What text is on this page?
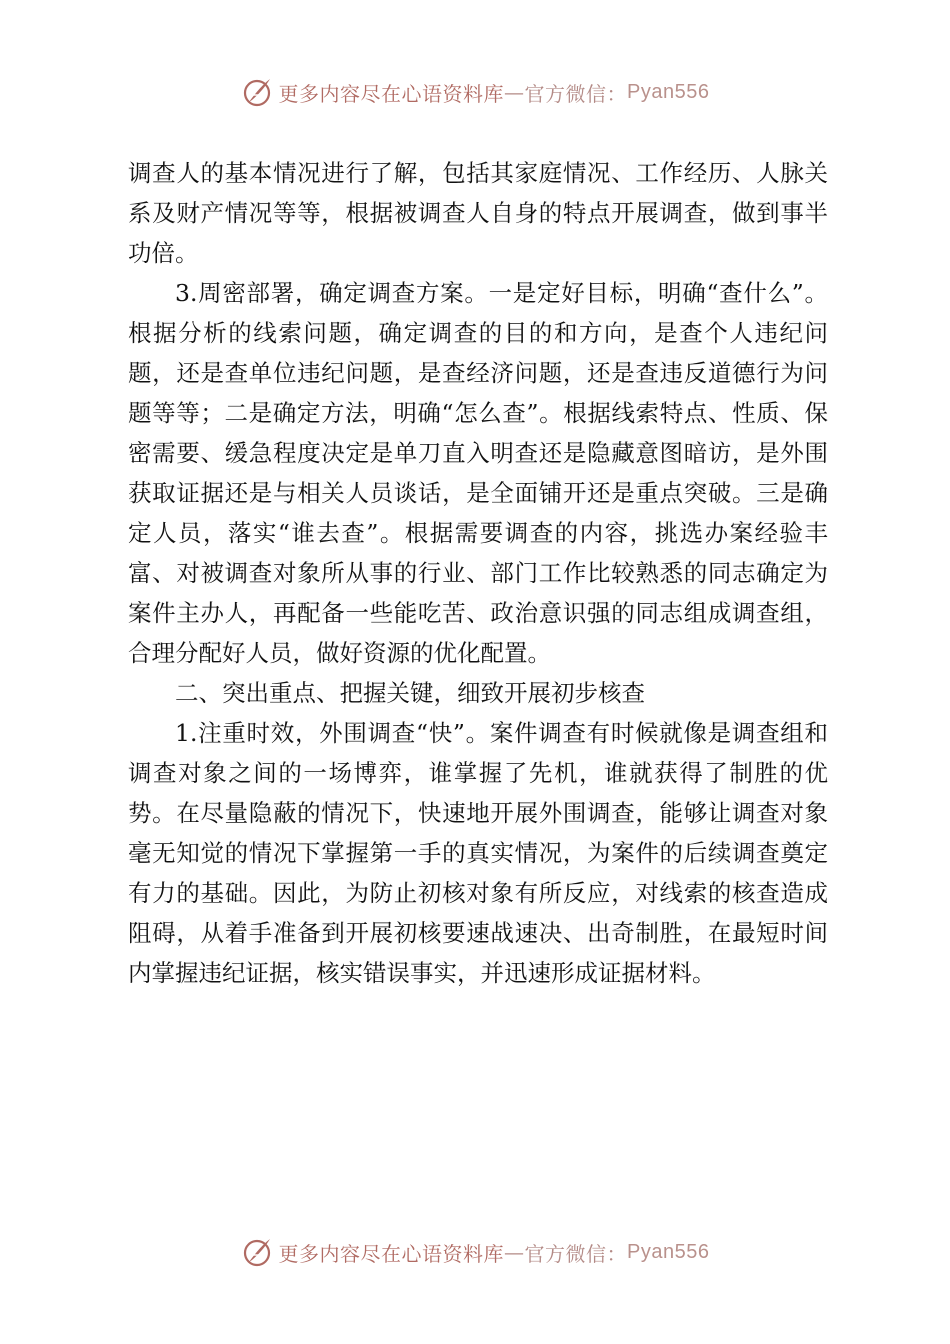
更多内容尽在心语资料库 — 官方微信： Pyan556

调查人的基本情况进行了解，包括其家庭情况、工作经历、人脉关系及财产情况等等，根据被调查人自身的特点开展调查，做到事半功倍。

3.周密部署，确定调查方案。一是定好目标，明确“查什么”。 根据分析的线索问题，确定调查的目的和方向，是查个人违纪问题，还是查单位违纪问题，是查经济问题，还是查违反道德行为问题等等；二是确定方法，明确“怎么查”。根据线索特点、性质、保密需要、缓急程度决定是单刀直入明查还是隐藏意图暗访，是外围获取证据还是与相关人员谈话，是全面铺开还是重点突破。三是确定人员，落实“谁去查”。根据需要调查的内容，挑选办案经验丰富、对被调查对象所从事的行业、部门工作比较熟悉的同志确定为案件主办人，再配备一些能吃苦、政治意识强的同志组成调查组，合理分配好人员，做好资源的优化配置。

二、突出重点、把握关键，细致开展初步核查

1.注重时效，外围调查“快”。案件调查有时候就像是调查组和调查对象之间的一场博弈，谁掌握了先机，谁就获得了制胜的优势。在尽量隐蔽的情况下，快速地开展外围调查，能够让调查对象毫无知觉的情况下掌握第一手的真实情况，为案件的后续调查奠定有力的基础。因此，为防止初核对象有所反应，对线索的核查造成阻碍，从着手准备到开展初核要速战速决、出奇制胜，在最短时间内掌握违纪证据，核实错误事实，并迅速形成证据材料。

更多内容尽在心语资料库 — 官方微信： Pyan556
